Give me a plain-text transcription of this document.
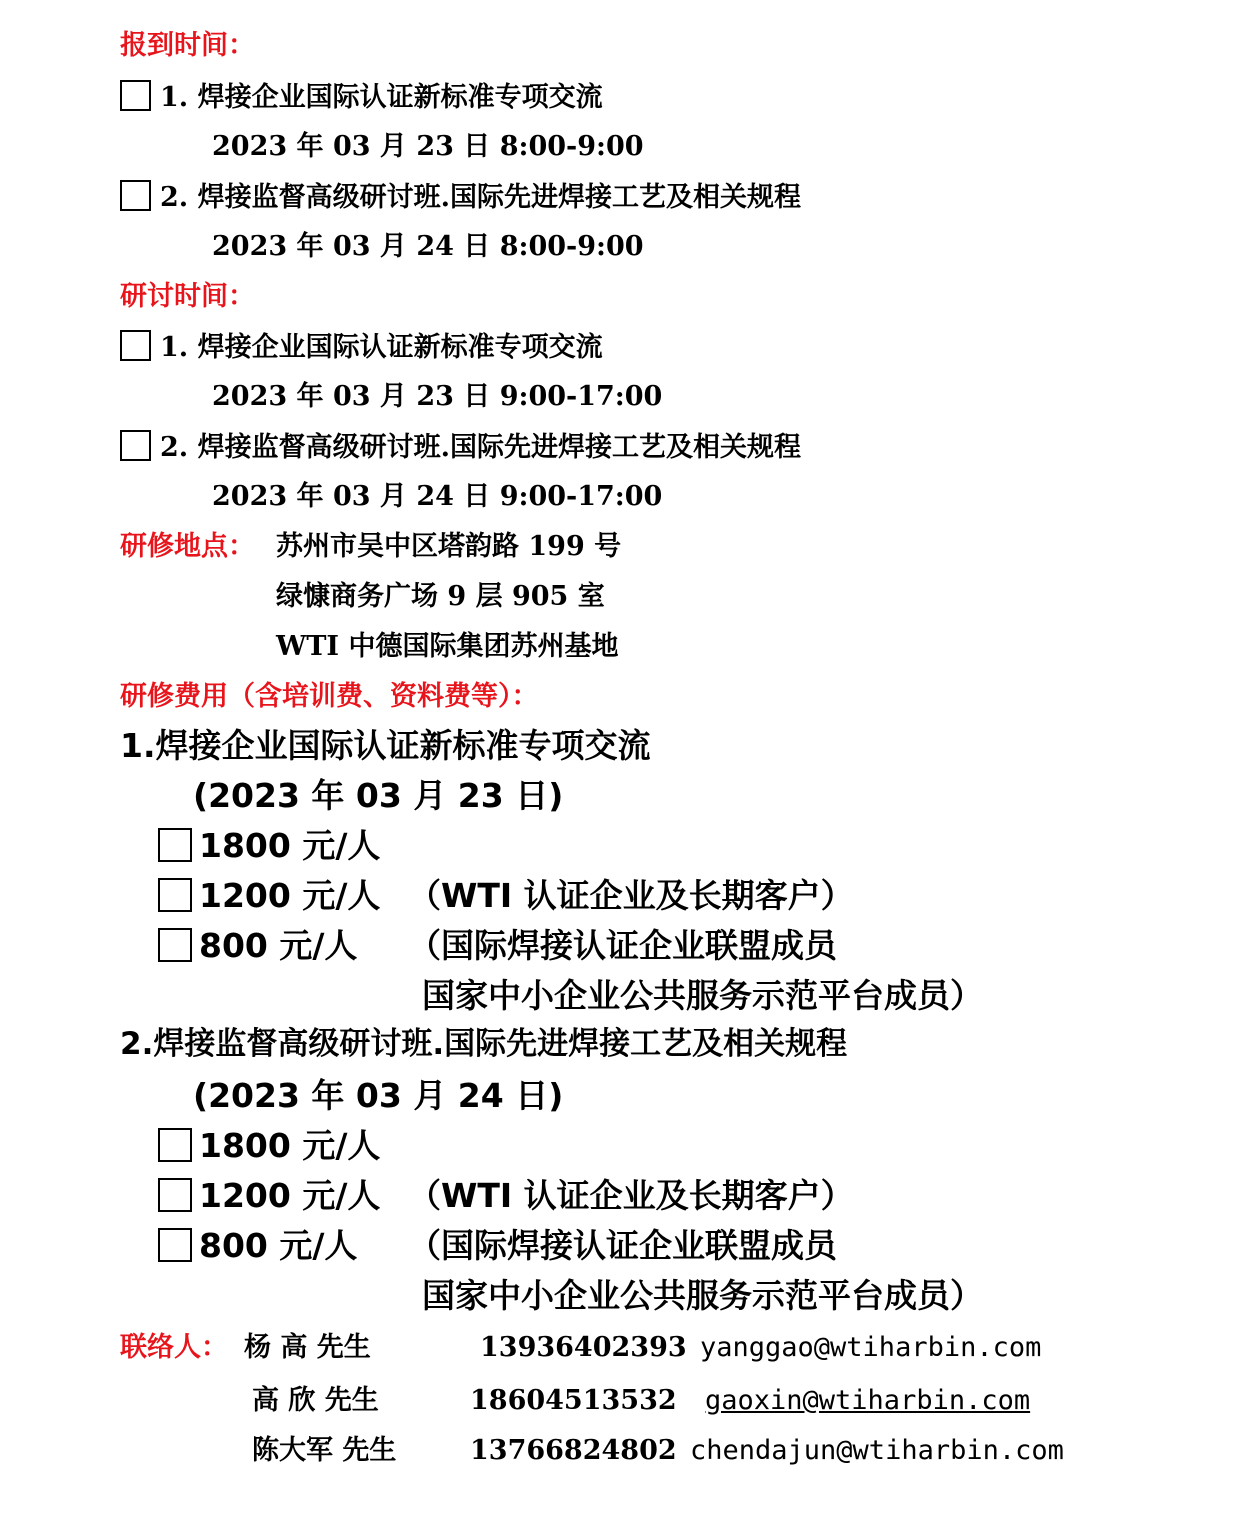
报到时间：
1. 焊接企业国际认证新标准专项交流
2023 年 03 月 23 日 8:00-9:00
2. 焊接监督高级研讨班.国际先进焊接工艺及相关规程
2023 年 03 月 24 日 8:00-9:00
研讨时间：
1. 焊接企业国际认证新标准专项交流
2023 年 03 月 23 日 9:00-17:00
2. 焊接监督高级研讨班.国际先进焊接工艺及相关规程
2023 年 03 月 24 日 9:00-17:00
研修地点： 苏州市吴中区塔韵路 199 号
绿慷商务广场 9 层 905 室
WTI 中德国际集团苏州基地
研修费用（含培训费、资料费等）：
1.焊接企业国际认证新标准专项交流
(2023 年 03 月 23 日)
1800 元/人
1200 元/人 （WTI 认证企业及长期客户）
800 元/人 （国际焊接认证企业联盟成员
国家中小企业公共服务示范平台成员）
2.焊接监督高级研讨班.国际先进焊接工艺及相关规程
(2023 年 03 月 24 日)
1800 元/人
1200 元/人 （WTI 认证企业及长期客户）
800 元/人 （国际焊接认证企业联盟成员
国家中小企业公共服务示范平台成员）
联络人： 杨 高 先生	13936402393 yanggao@wtiharbin.com
高 欣 先生	18604513532 gaoxin@wtiharbin.com
陈大军 先生	13766824802 chendajun@wtiharbin.com
